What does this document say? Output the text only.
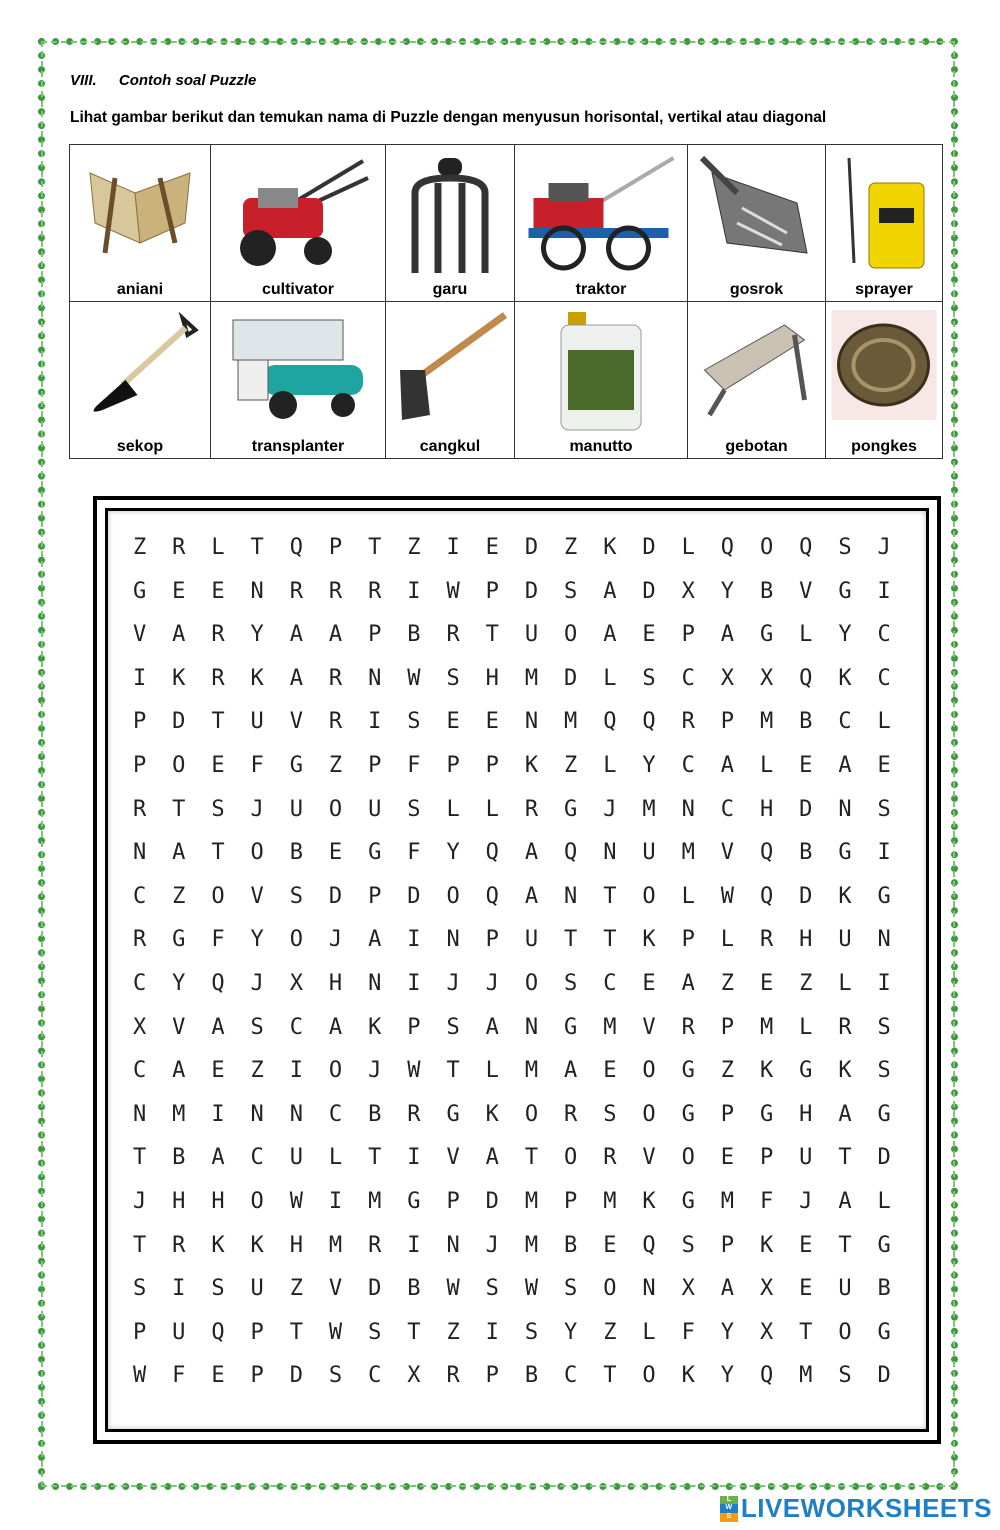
VIII. Contoh soal Puzzle
Lihat gambar berikut dan temukan nama di Puzzle dengan menyusun horisontal, vertikal atau diagonal
aniani	cultivator	garu	traktor	gosrok	sprayer

sekop	transplanter	cangkul	manutto	gebotan	pongkes
Z	R	L	T	Q	P	T	Z	I	E	D	Z	K	D	L	Q	O	Q	S	J
G	E	E	N	R	R	R	I	W	P	D	S	A	D	X	Y	B	V	G	I
V	A	R	Y	A	A	P	B	R	T	U	O	A	E	P	A	G	L	Y	C
I	K	R	K	A	R	N	W	S	H	M	D	L	S	C	X	X	Q	K	C
P	D	T	U	V	R	I	S	E	E	N	M	Q	Q	R	P	M	B	C	L
P	O	E	F	G	Z	P	F	P	P	K	Z	L	Y	C	A	L	E	A	E
R	T	S	J	U	O	U	S	L	L	R	G	J	M	N	C	H	D	N	S
N	A	T	O	B	E	G	F	Y	Q	A	Q	N	U	M	V	Q	B	G	I
C	Z	O	V	S	D	P	D	O	Q	A	N	T	O	L	W	Q	D	K	G
R	G	F	Y	O	J	A	I	N	P	U	T	T	K	P	L	R	H	U	N
C	Y	Q	J	X	H	N	I	J	J	O	S	C	E	A	Z	E	Z	L	I
X	V	A	S	C	A	K	P	S	A	N	G	M	V	R	P	M	L	R	S
C	A	E	Z	I	O	J	W	T	L	M	A	E	O	G	Z	K	G	K	S
N	M	I	N	N	C	B	R	G	K	O	R	S	O	G	P	G	H	A	G
T	B	A	C	U	L	T	I	V	A	T	O	R	V	O	E	P	U	T	D
J	H	H	O	W	I	M	G	P	D	M	P	M	K	G	M	F	J	A	L
T	R	K	K	H	M	R	I	N	J	M	B	E	Q	S	P	K	E	T	G
S	I	S	U	Z	V	D	B	W	S	W	S	O	N	X	A	X	E	U	B
P	U	Q	P	T	W	S	T	Z	I	S	Y	Z	L	F	Y	X	T	O	G
W	F	E	P	D	S	C	X	R	P	B	C	T	O	K	Y	Q	M	S	D
L
W
S LIVEWORKSHEETS
